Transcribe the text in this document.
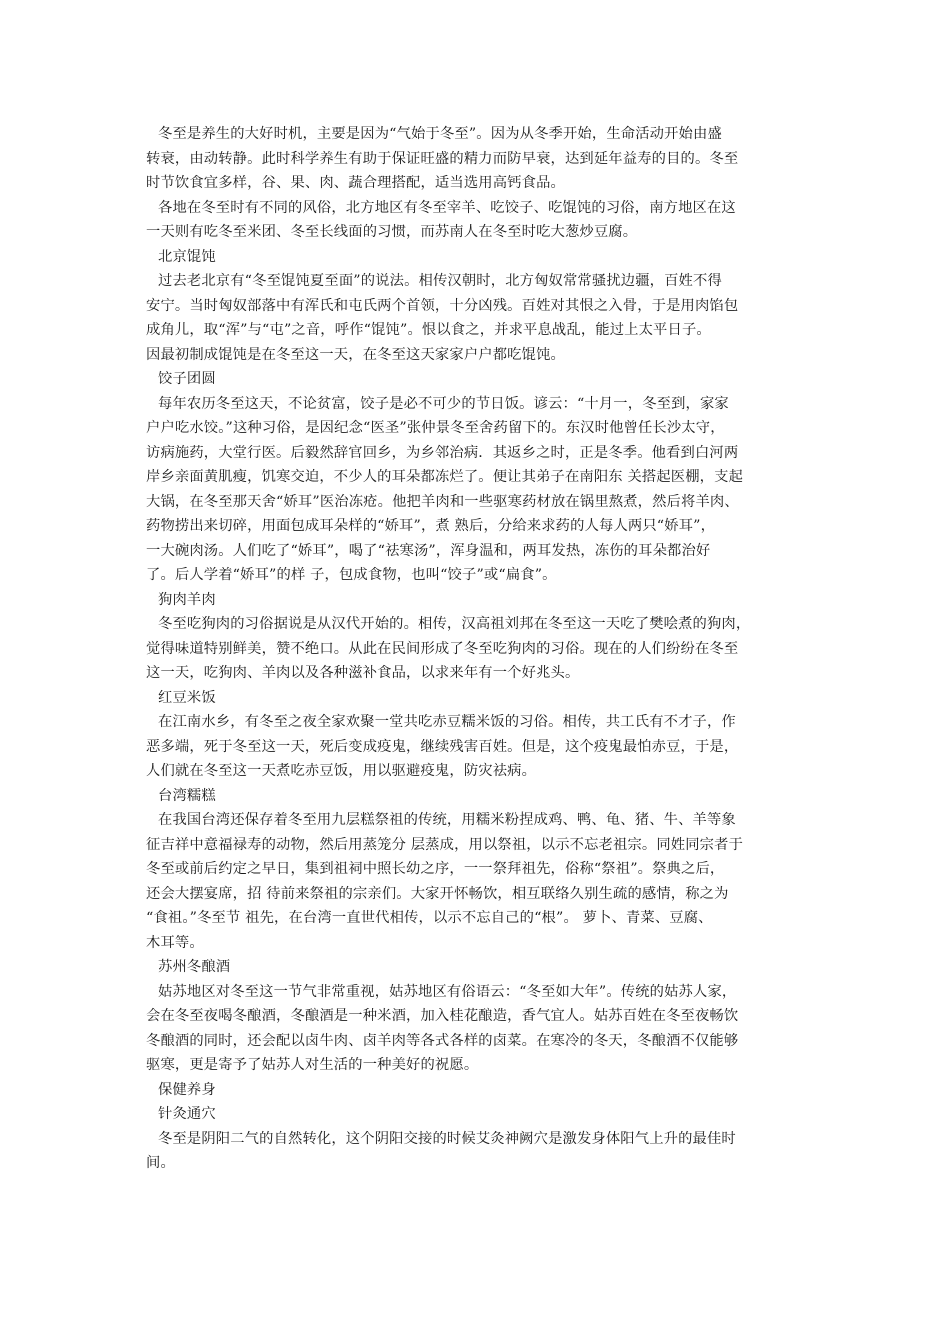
冬至是养生的大好时机，主要是因为“气始于冬至”。因为从冬季开始，生命活动开始由盛
转衰，由动转静。此时科学养生有助于保证旺盛的精力而防早衰，达到延年益寿的目的。冬至
时节饮食宜多样，谷、果、肉、蔬合理搭配，适当选用高钙食品。
各地在冬至时有不同的风俗，北方地区有冬至宰羊、吃饺子、吃馄饨的习俗，南方地区在这
一天则有吃冬至米团、冬至长线面的习惯，而苏南人在冬至时吃大葱炒豆腐。
北京馄饨
过去老北京有“冬至馄饨夏至面”的说法。相传汉朝时，北方匈奴常常骚扰边疆，百姓不得
安宁。当时匈奴部落中有浑氏和屯氏两个首领，十分凶残。百姓对其恨之入骨，于是用肉馅包
成角儿，取“浑”与“屯”之音，呼作“馄饨”。恨以食之，并求平息战乱，能过上太平日子。
因最初制成馄饨是在冬至这一天，在冬至这天家家户户都吃馄饨。
饺子团圆
每年农历冬至这天，不论贫富，饺子是必不可少的节日饭。谚云：“十月一，冬至到，家家
户户吃水饺。”这种习俗，是因纪念“医圣”张仲景冬至舍药留下的。东汉时他曾任长沙太守，
访病施药，大堂行医。后毅然辞官回乡，为乡邻治病．其返乡之时，正是冬季。他看到白河两
岸乡亲面黄肌瘦，饥寒交迫，不少人的耳朵都冻烂了。便让其弟子在南阳东 关搭起医棚，支起
大锅，在冬至那天舍“娇耳”医治冻疮。他把羊肉和一些驱寒药材放在锅里熬煮，然后将羊肉、
药物捞出来切碎，用面包成耳朵样的“娇耳”，煮 熟后，分给来求药的人每人两只“娇耳”，
一大碗肉汤。人们吃了“娇耳”，喝了“祛寒汤”，浑身温和，两耳发热，冻伤的耳朵都治好
了。后人学着“娇耳”的样 子，包成食物，也叫“饺子”或“扁食”。
狗肉羊肉
冬至吃狗肉的习俗据说是从汉代开始的。相传，汉高祖刘邦在冬至这一天吃了樊哙煮的狗肉，
觉得味道特别鲜美，赞不绝口。从此在民间形成了冬至吃狗肉的习俗。现在的人们纷纷在冬至
这一天，吃狗肉、羊肉以及各种滋补食品，以求来年有一个好兆头。
红豆米饭
在江南水乡，有冬至之夜全家欢聚一堂共吃赤豆糯米饭的习俗。相传，共工氏有不才子，作
恶多端，死于冬至这一天，死后变成疫鬼，继续残害百姓。但是，这个疫鬼最怕赤豆，于是，
人们就在冬至这一天煮吃赤豆饭，用以驱避疫鬼，防灾祛病。
台湾糯糕
在我国台湾还保存着冬至用九层糕祭祖的传统，用糯米粉捏成鸡、鸭、龟、猪、牛、羊等象
征吉祥中意福禄寿的动物，然后用蒸笼分 层蒸成，用以祭祖，以示不忘老祖宗。同姓同宗者于
冬至或前后约定之早日，集到祖祠中照长幼之序，一一祭拜祖先，俗称“祭祖”。祭典之后，
还会大摆宴席，招 待前来祭祖的宗亲们。大家开怀畅饮，相互联络久别生疏的感情，称之为
“食祖。”冬至节 祖先，在台湾一直世代相传，以示不忘自己的“根”。 萝卜、青菜、豆腐、
木耳等。
苏州冬酿酒
姑苏地区对冬至这一节气非常重视，姑苏地区有俗语云：“冬至如大年”。传统的姑苏人家，
会在冬至夜喝冬酿酒，冬酿酒是一种米酒，加入桂花酿造，香气宜人。姑苏百姓在冬至夜畅饮
冬酿酒的同时，还会配以卤牛肉、卤羊肉等各式各样的卤菜。在寒冷的冬天，冬酿酒不仅能够
驱寒，更是寄予了姑苏人对生活的一种美好的祝愿。
保健养身
针灸通穴
冬至是阴阳二气的自然转化，这个阴阳交接的时候艾灸神阙穴是激发身体阳气上升的最佳时
间。
